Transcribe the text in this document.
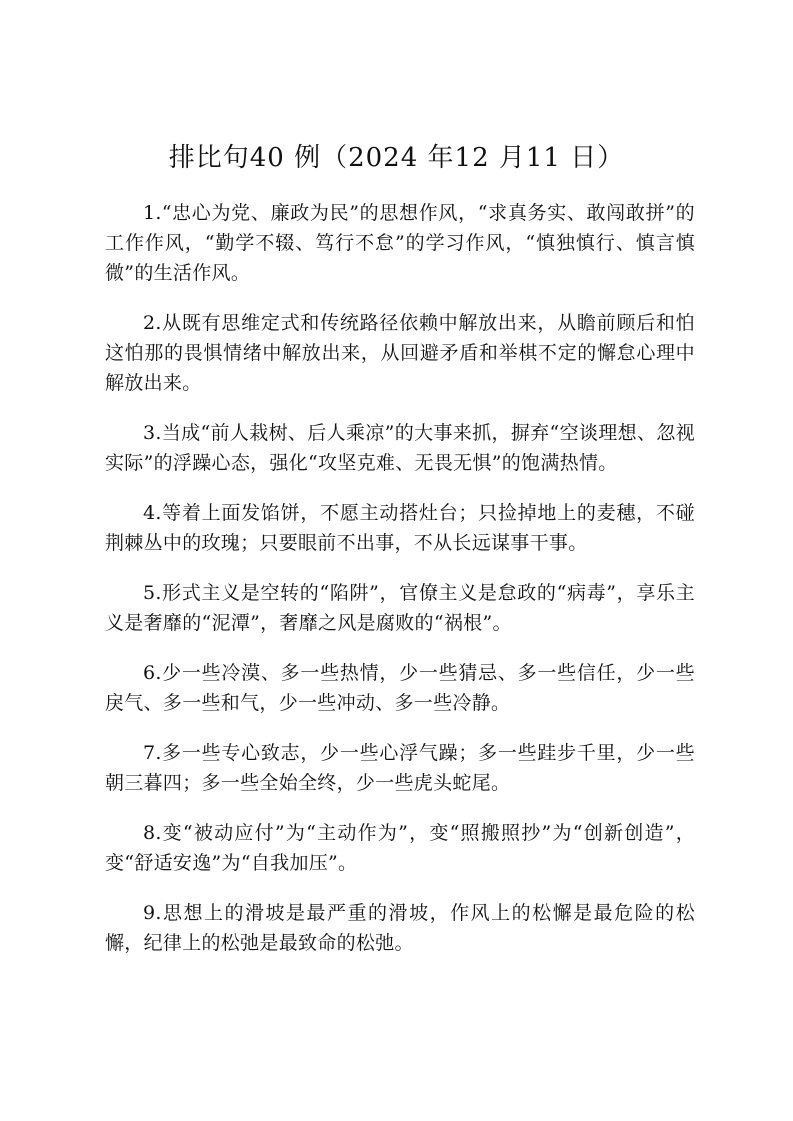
排比句40 例（2024 年12 月11 日）

1.“忠心为党、廉政为民”的思想作风，“求真务实、敢闯敢拼”的工作作风，“勤学不辍、笃行不怠”的学习作风，“慎独慎行、慎言慎微”的生活作风。

2.从既有思维定式和传统路径依赖中解放出来，从瞻前顾后和怕这怕那的畏惧情绪中解放出来，从回避矛盾和举棋不定的懈怠心理中解放出来。

3.当成“前人栽树、后人乘凉”的大事来抓，摒弃“空谈理想、忽视实际”的浮躁心态，强化“攻坚克难、无畏无惧”的饱满热情。

4.等着上面发馅饼，不愿主动搭灶台；只捡掉地上的麦穗，不碰荆棘丛中的玫瑰；只要眼前不出事，不从长远谋事干事。

5.形式主义是空转的“陷阱”，官僚主义是怠政的“病毒”，享乐主义是奢靡的“泥潭”，奢靡之风是腐败的“祸根”。

6.少一些冷漠、多一些热情，少一些猜忌、多一些信任，少一些戾气、多一些和气，少一些冲动、多一些冷静。

7.多一些专心致志，少一些心浮气躁；多一些跬步千里，少一些朝三暮四；多一些全始全终，少一些虎头蛇尾。

8.变“被动应付”为“主动作为”，变“照搬照抄”为“创新创造”，变“舒适安逸”为“自我加压”。

9.思想上的滑坡是最严重的滑坡，作风上的松懈是最危险的松懈，纪律上的松弛是最致命的松弛。
